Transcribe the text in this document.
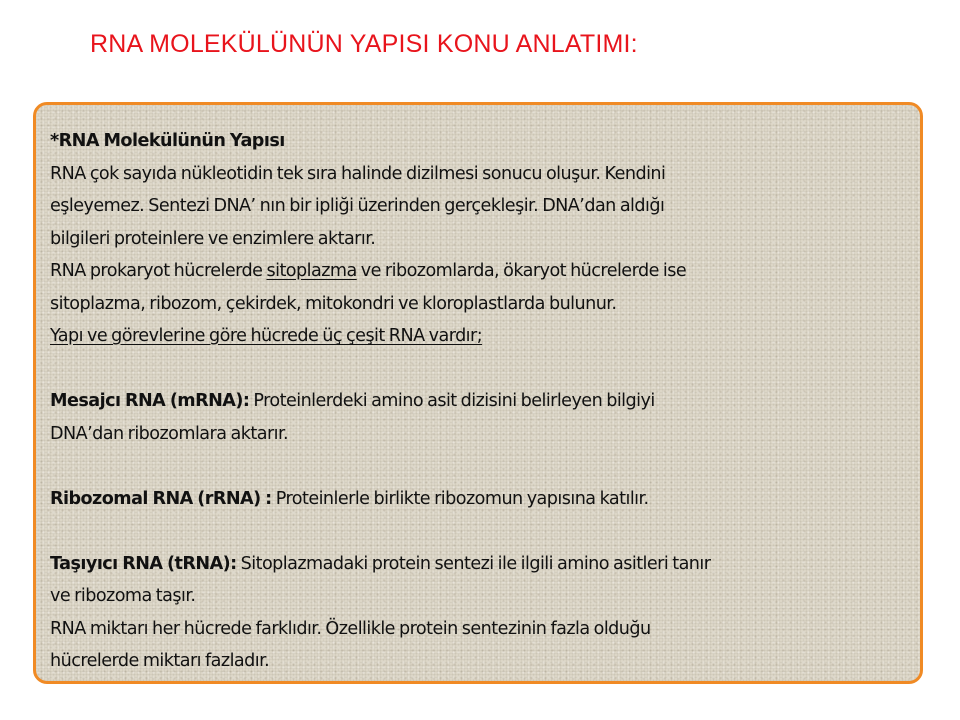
RNA MOLEKÜLÜNÜN YAPISI KONU ANLATIMI:
*RNA Molekülünün Yapısı
RNA çok sayıda nükleotidin tek sıra halinde dizilmesi sonucu oluşur. Kendini
eşleyemez. Sentezi DNA’ nın bir ipliği üzerinden gerçekleşir. DNA’dan aldığı
bilgileri proteinlere ve enzimlere aktarır.
RNA prokaryot hücrelerde sitoplazma ve ribozomlarda, ökaryot hücrelerde ise
sitoplazma, ribozom, çekirdek, mitokondri ve kloroplastlarda bulunur.
Yapı ve görevlerine göre hücrede üç çeşit RNA vardır;
Mesajcı RNA (mRNA): Proteinlerdeki amino asit dizisini belirleyen bilgiyi
DNA’dan ribozomlara aktarır.
Ribozomal RNA (rRNA) : Proteinlerle birlikte ribozomun yapısına katılır.
Taşıyıcı RNA (tRNA): Sitoplazmadaki protein sentezi ile ilgili amino asitleri tanır
ve ribozoma taşır.
RNA miktarı her hücrede farklıdır. Özellikle protein sentezinin fazla olduğu
hücrelerde miktarı fazladır.
